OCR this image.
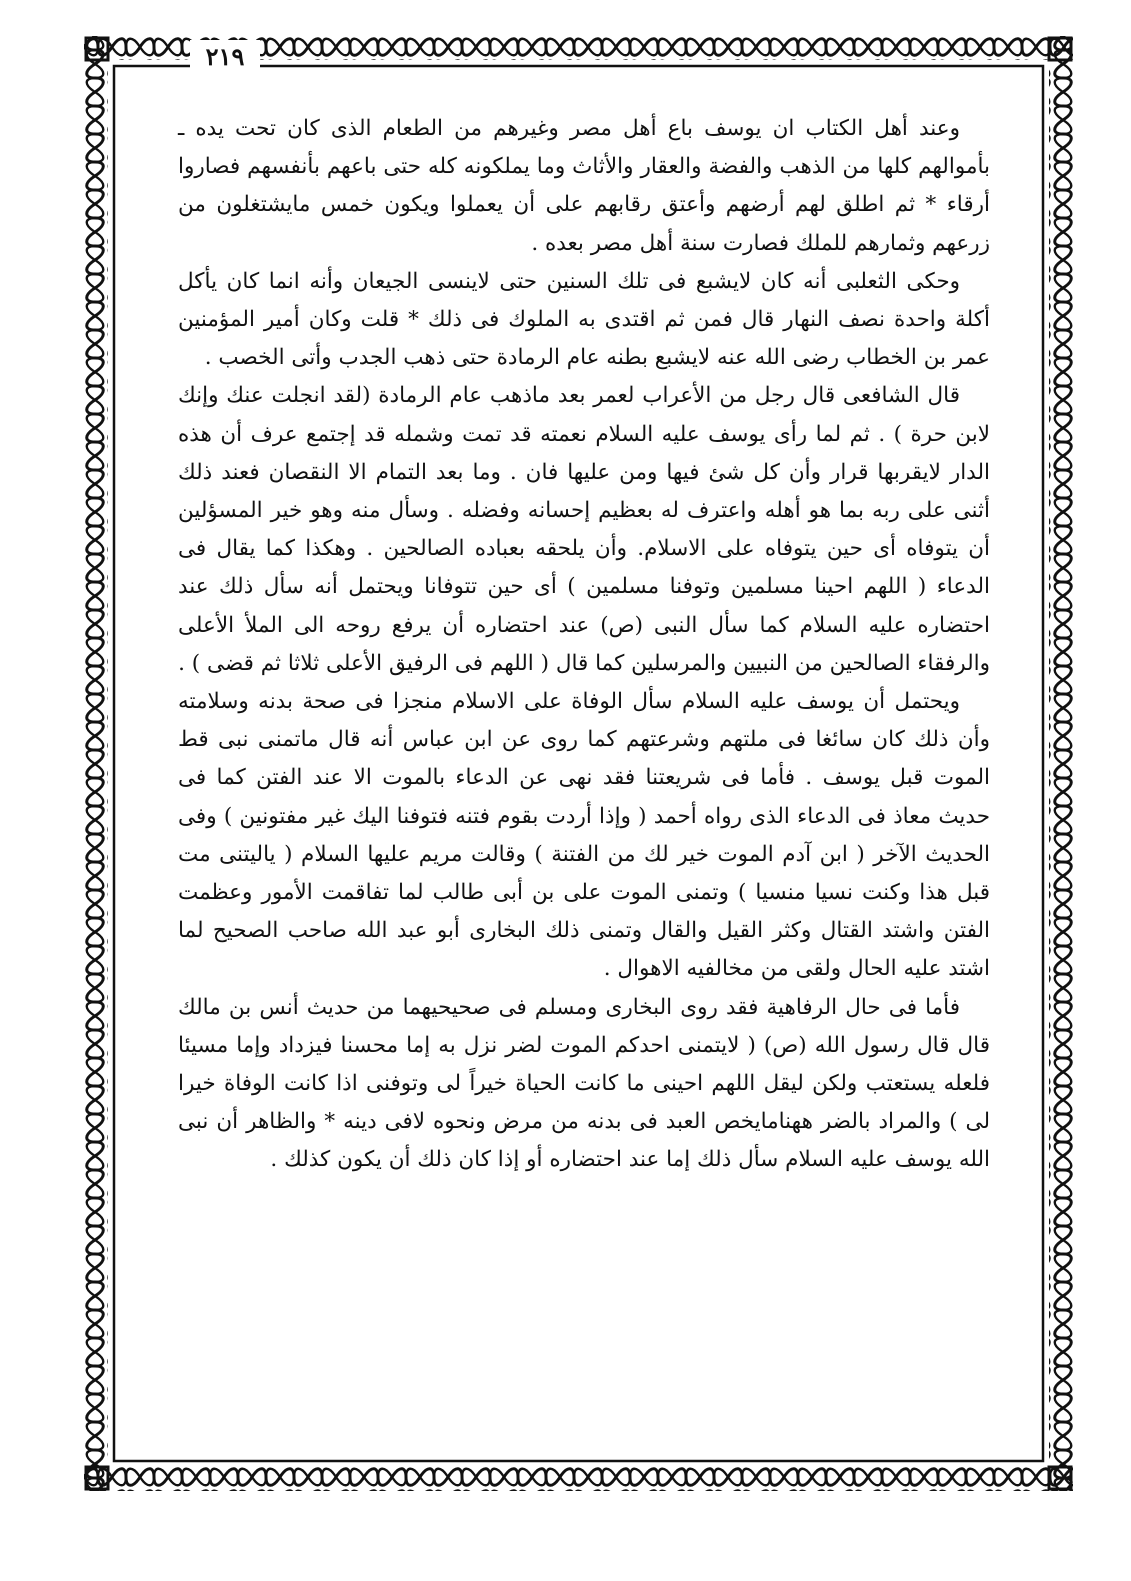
٢١٩

وعند أهل الكتاب ان يوسف باع أهل مصر وغيرهم من الطعام الذى كان تحت يده ـ بأموالهم كلها من الذهب والفضة والعقار والأثاث وما يملكونه كله حتى باعهم بأنفسهم فصاروا أرقاء * ثم اطلق لهم أرضهم وأعتق رقابهم على أن يعملوا ويكون خمس مايشتغلون من زرعهم وثمارهم للملك فصارت سنة أهل مصر بعده .

وحكى الثعلبى أنه كان لايشبع فى تلك السنين حتى لاينسى الجيعان وأنه انما كان يأكل أكلة واحدة نصف النهار قال فمن ثم اقتدى به الملوك فى ذلك * قلت وكان أمير المؤمنين عمر بن الخطاب رضى الله عنه لايشبع بطنه عام الرمادة حتى ذهب الجدب وأتى الخصب .

قال الشافعى قال رجل من الأعراب لعمر بعد ماذهب عام الرمادة (لقد انجلت عنك وإنك لابن حرة ) . ثم لما رأى يوسف عليه السلام نعمته قد تمت وشمله قد إجتمع عرف أن هذه الدار لايقربها قرار وأن كل شئ فيها ومن عليها فان . وما بعد التمام الا النقصان فعند ذلك أثنى على ربه بما هو أهله واعترف له بعظيم إحسانه وفضله . وسأل منه وهو خير المسؤلين أن يتوفاه أى حين يتوفاه على الاسلام. وأن يلحقه بعباده الصالحين . وهكذا كما يقال فى الدعاء ( اللهم احينا مسلمين وتوفنا مسلمين ) أى حين تتوفانا ويحتمل أنه سأل ذلك عند احتضاره عليه السلام كما سأل النبى (ص) عند احتضاره أن يرفع روحه الى الملأ الأعلى والرفقاء الصالحين من النبيين والمرسلين كما قال ( اللهم فى الرفيق الأعلى ثلاثا ثم قضى ) .

ويحتمل أن يوسف عليه السلام سأل الوفاة على الاسلام منجزا فى صحة بدنه وسلامته وأن ذلك كان سائغا فى ملتهم وشرعتهم كما روى عن ابن عباس أنه قال ماتمنى نبى قط الموت قبل يوسف . فأما فى شريعتنا فقد نهى عن الدعاء بالموت الا عند الفتن كما فى حديث معاذ فى الدعاء الذى رواه أحمد ( وإذا أردت بقوم فتنه فتوفنا اليك غير مفتونين ) وفى الحديث الآخر ( ابن آدم الموت خير لك من الفتنة ) وقالت مريم عليها السلام ( ياليتنى مت قبل هذا وكنت نسيا منسيا ) وتمنى الموت على بن أبى طالب لما تفاقمت الأمور وعظمت الفتن واشتد القتال وكثر القيل والقال وتمنى ذلك البخارى أبو عبد الله صاحب الصحيح لما اشتد عليه الحال ولقى من مخالفيه الاهوال .

فأما فى حال الرفاهية فقد روى البخارى ومسلم فى صحيحيهما من حديث أنس بن مالك قال قال رسول الله (ص) ( لايتمنى احدكم الموت لضر نزل به إما محسنا فيزداد وإما مسيئا فلعله يستعتب ولكن ليقل اللهم احينى ما كانت الحياة خيراً لى وتوفنى اذا كانت الوفاة خيرا لى ) والمراد بالضر ههنامايخص العبد فى بدنه من مرض ونحوه لافى دينه * والظاهر أن نبى الله يوسف عليه السلام سأل ذلك إما عند احتضاره أو إذا كان ذلك أن يكون كذلك .
